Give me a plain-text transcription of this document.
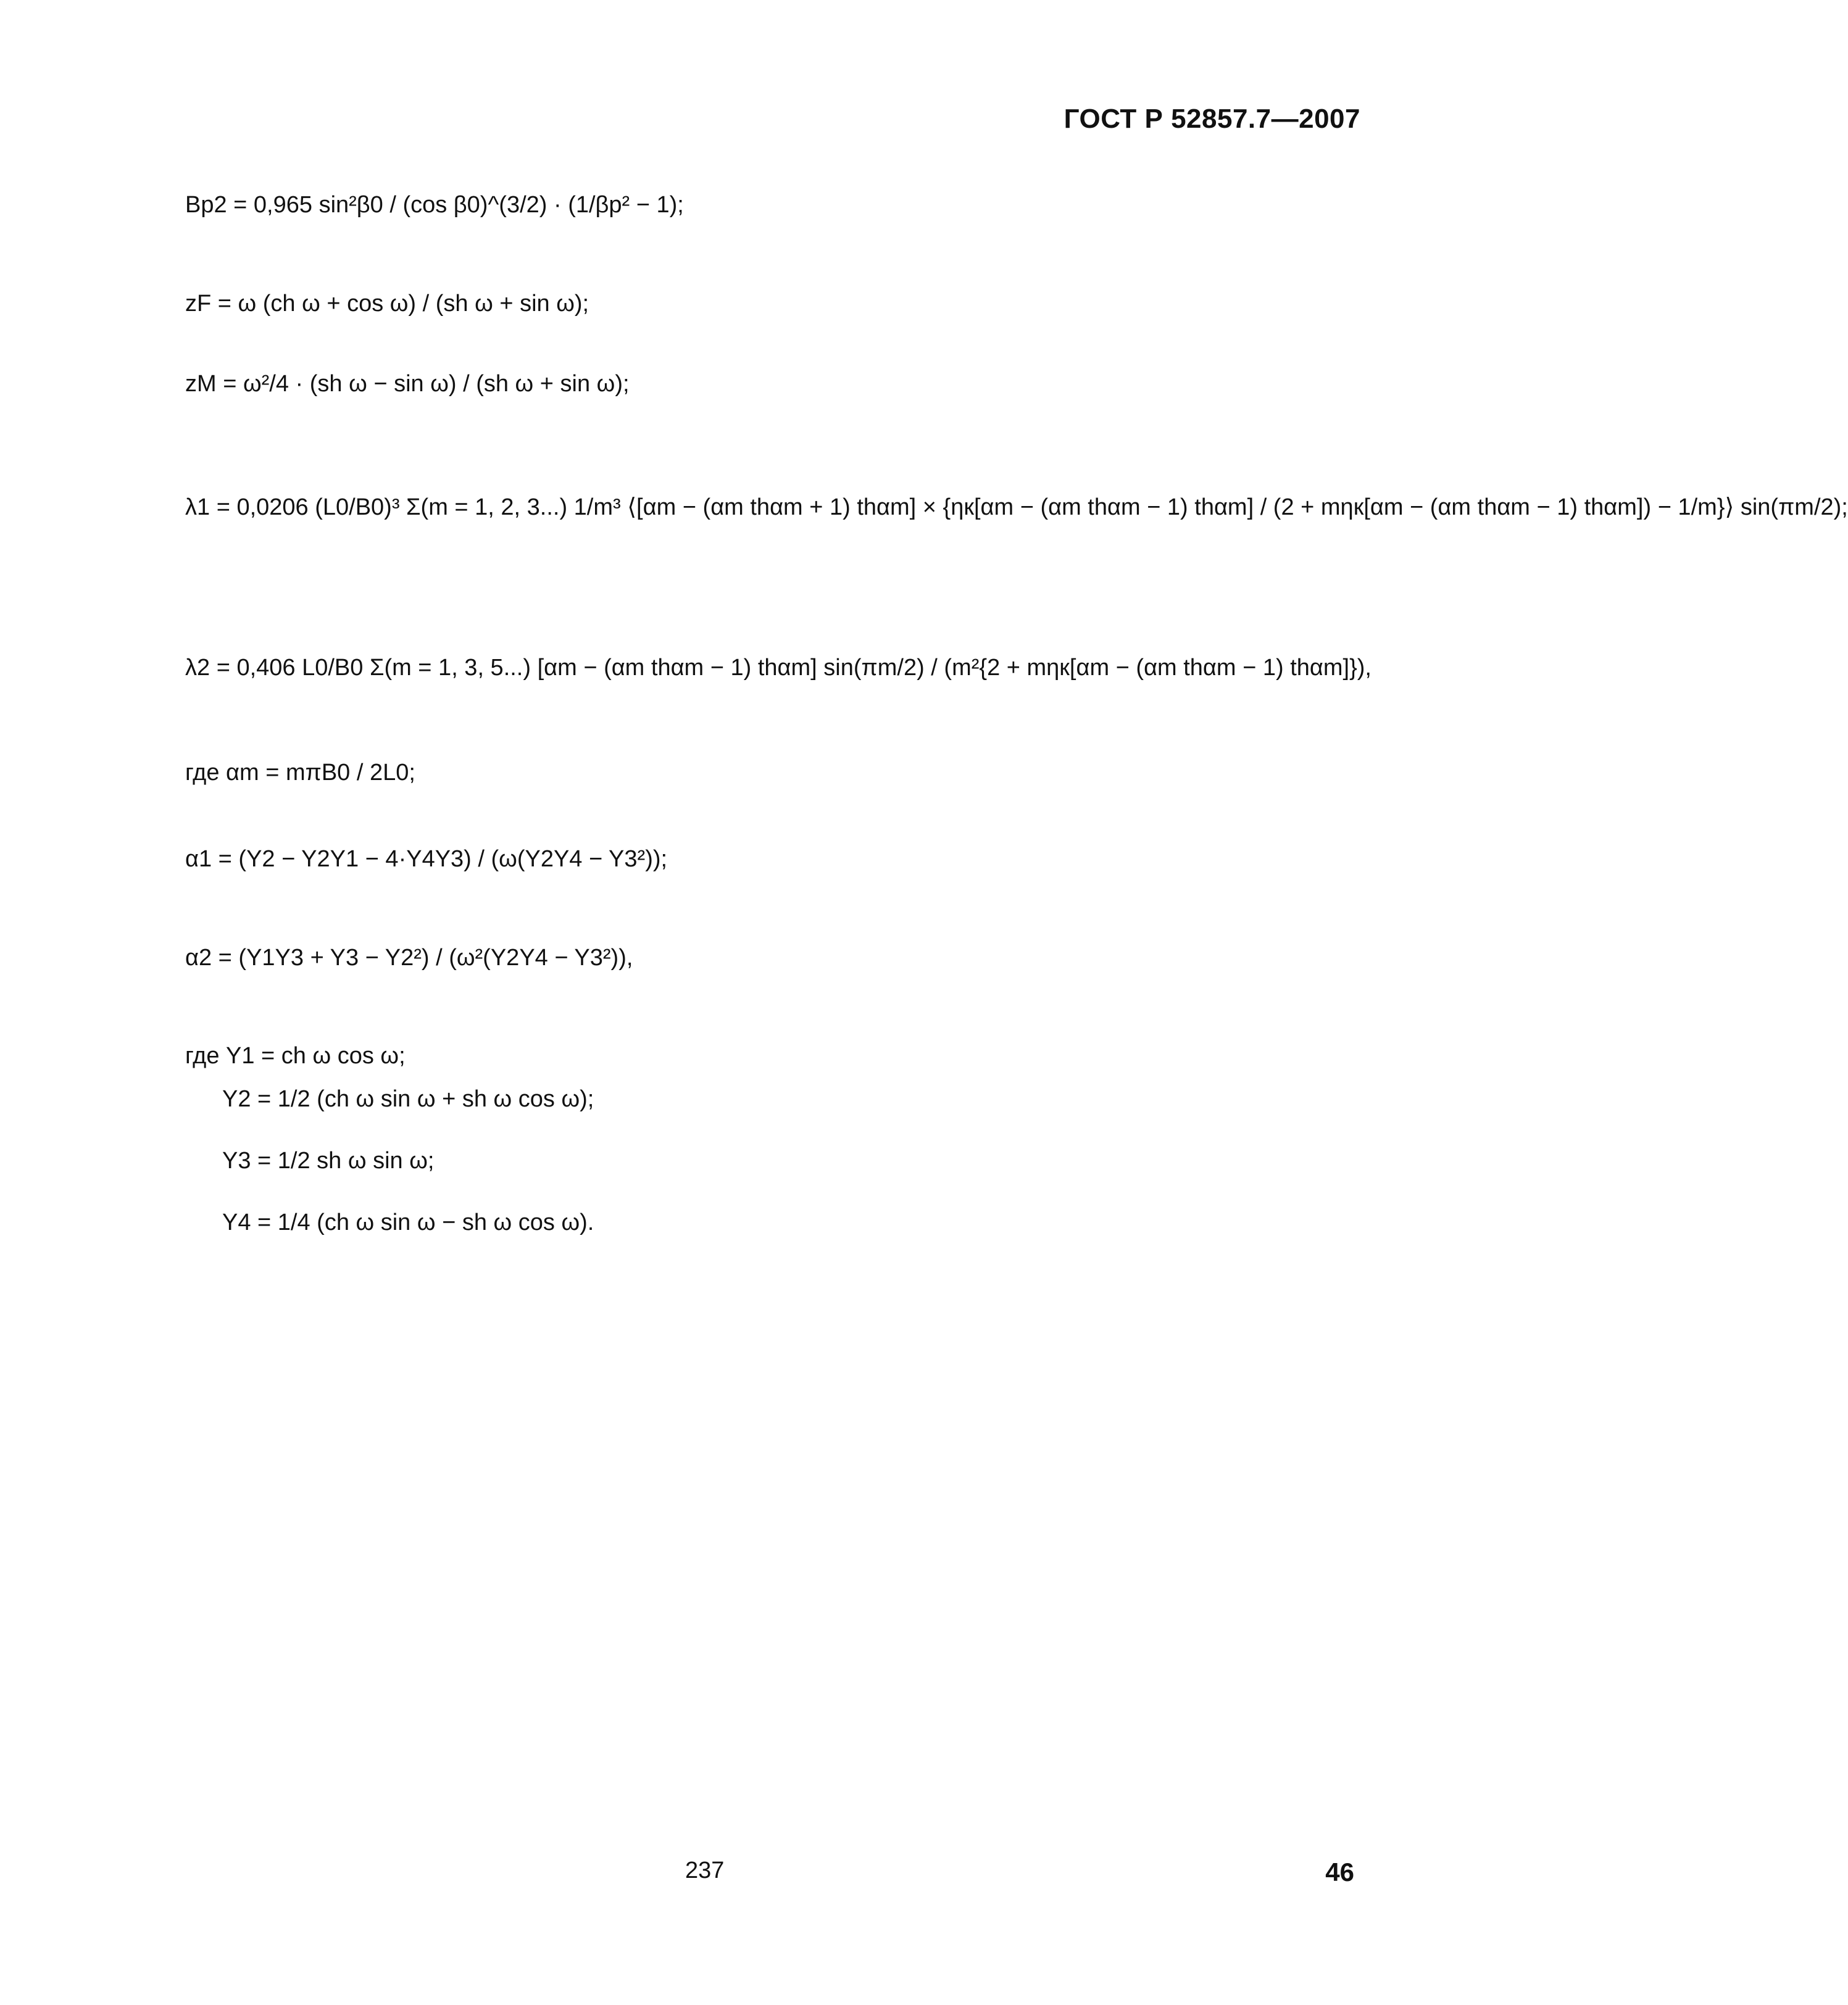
ГОСТ Р 52857.7—2007
Bр2 = 0,965 sin²β0 / (cos β0)^(3/2) · (1/βр² − 1);
zF = ω (ch ω + cos ω) / (sh ω + sin ω);
zM = ω²/4 · (sh ω − sin ω) / (sh ω + sin ω);
λ1 = 0,0206 (L0/B0)³ Σ(m = 1, 2, 3...) 1/m³ ⟨[αm − (αm thαm + 1) thαm] × {ηк[αm − (αm thαm − 1) thαm] / (2 + mηк[αm − (αm thαm − 1) thαm]) − 1/m}⟩ sin(πm/2);
λ2 = 0,406 L0/B0 Σ(m = 1, 3, 5...) [αm − (αm thαm − 1) thαm] sin(πm/2) / (m²{2 + mηк[αm − (αm thαm − 1) thαm]}),
где αm = mπB0 / 2L0;
α1 = (Y2 − Y2Y1 − 4·Y4Y3) / (ω(Y2Y4 − Y3²));
α2 = (Y1Y3 + Y3 − Y2²) / (ω²(Y2Y4 − Y3²)),
где Y1 = ch ω cos ω;
Y2 = 1/2 (ch ω sin ω + sh ω cos ω);
Y3 = 1/2 sh ω sin ω;
Y4 = 1/4 (ch ω sin ω − sh ω cos ω).
237	46
